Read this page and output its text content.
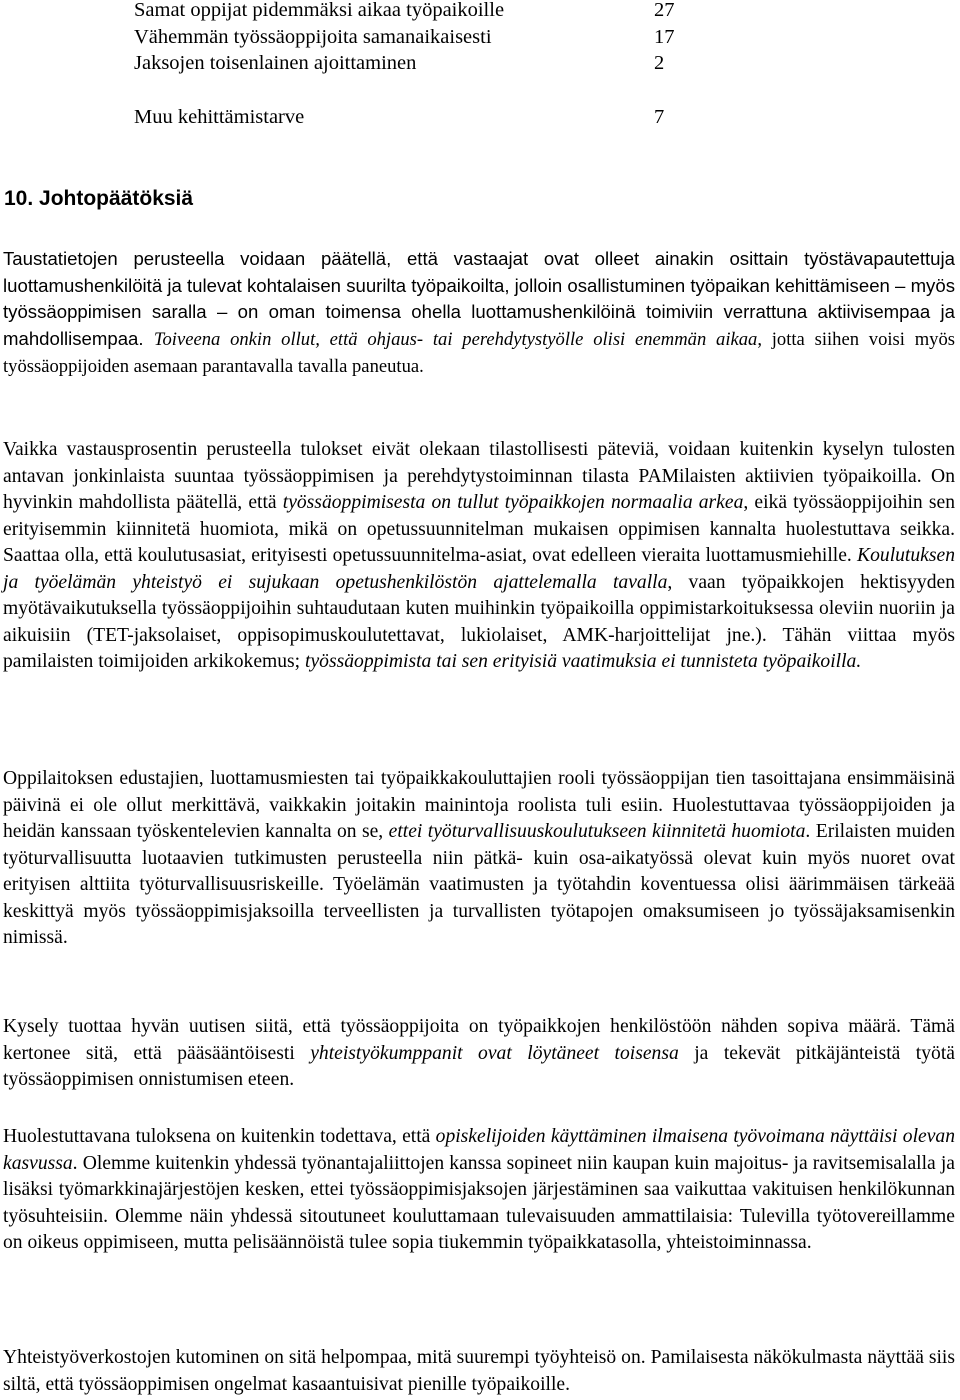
Samat oppijat pidemmäksi aikaa työpaikoille	27
Vähemmän työssäoppijoita samanaikaisesti	17
Jaksojen toisenlainen ajoittaminen	2
Muu kehittämistarve	7
10. Johtopäätöksiä

Taustatietojen perusteella voidaan päätellä, että vastaajat ovat olleet ainakin osittain työstävapautettuja luottamushenkilöitä ja tulevat kohtalaisen suurilta työpaikoilta, jolloin osallistuminen työpaikan kehittämiseen – myös työssäoppimisen saralla – on oman toimensa ohella luottamushenkilöinä toimiviin verrattuna aktiivisempaa ja mahdollisempaa. Toiveena onkin ollut, että ohjaus- tai perehdytystyölle olisi enemmän aikaa, jotta siihen voisi myös työssäoppijoiden asemaan parantavalla tavalla paneutua.

Vaikka vastausprosentin perusteella tulokset eivät olekaan tilastollisesti päteviä, voidaan kuitenkin kyselyn tulosten antavan jonkinlaista suuntaa työssäoppimisen ja perehdytystoiminnan tilasta PAMilaisten aktiivien työpaikoilla. On hyvinkin mahdollista päätellä, että työssäoppimisesta on tullut työpaikkojen normaalia arkea, eikä työssäoppijoihin sen erityisemmin kiinnitetä huomiota, mikä on opetussuunnitelman mukaisen oppimisen kannalta huolestuttava seikka. Saattaa olla, että koulutusasiat, erityisesti opetussuunnitelma-asiat, ovat edelleen vieraita luottamusmiehille. Koulutuksen ja työelämän yhteistyö ei sujukaan opetushenkilöstön ajattelemalla tavalla, vaan työpaikkojen hektisyyden myötävaikutuksella työssäoppijoihin suhtaudutaan kuten muihinkin työpaikoilla oppimistarkoituksessa oleviin nuoriin ja aikuisiin (TET-jaksolaiset, oppisopimuskoulutettavat, lukiolaiset, AMK-harjoittelijat jne.). Tähän viittaa myös pamilaisten toimijoiden arkikokemus; työssäoppimista tai sen erityisiä vaatimuksia ei tunnisteta työpaikoilla.

Oppilaitoksen edustajien, luottamusmiesten tai työpaikkakouluttajien rooli työssäoppijan tien tasoittajana ensimmäisinä päivinä ei ole ollut merkittävä, vaikkakin joitakin mainintoja roolista tuli esiin. Huolestuttavaa työssäoppijoiden ja heidän kanssaan työskentelevien kannalta on se, ettei työturvallisuuskoulutukseen kiinnitetä huomiota. Erilaisten muiden työturvallisuutta luotaavien tutkimusten perusteella niin pätkä- kuin osa-aikatyössä olevat kuin myös nuoret ovat erityisen alttiita työturvallisuusriskeille. Työelämän vaatimusten ja työtahdin koventuessa olisi äärimmäisen tärkeää keskittyä myös työssäoppimisjaksoilla terveellisten ja turvallisten työtapojen omaksumiseen jo työssäjaksamisenkin nimissä.

Kysely tuottaa hyvän uutisen siitä, että työssäoppijoita on työpaikkojen henkilöstöön nähden sopiva määrä. Tämä kertonee sitä, että pääsääntöisesti yhteistyökumppanit ovat löytäneet toisensa ja tekevät pitkäjänteistä työtä työssäoppimisen onnistumisen eteen.

Huolestuttavana tuloksena on kuitenkin todettava, että opiskelijoiden käyttäminen ilmaisena työvoimana näyttäisi olevan kasvussa. Olemme kuitenkin yhdessä työnantajaliittojen kanssa sopineet niin kaupan kuin majoitus- ja ravitsemisalalla ja lisäksi työmarkkinajärjestöjen kesken, ettei työssäoppimisjaksojen järjestäminen saa vaikuttaa vakituisen henkilökunnan työsuhteisiin. Olemme näin yhdessä sitoutuneet kouluttamaan tulevaisuuden ammattilaisia: Tulevilla työtovereillamme on oikeus oppimiseen, mutta pelisäännöistä tulee sopia tiukemmin työpaikkatasolla, yhteistoiminnassa.

Yhteistyöverkostojen kutominen on sitä helpompaa, mitä suurempi työyhteisö on. Pamilaisesta näkökulmasta näyttää siis siltä, että työssäoppimisen ongelmat kasaantuisivat pienille työpaikoille.
